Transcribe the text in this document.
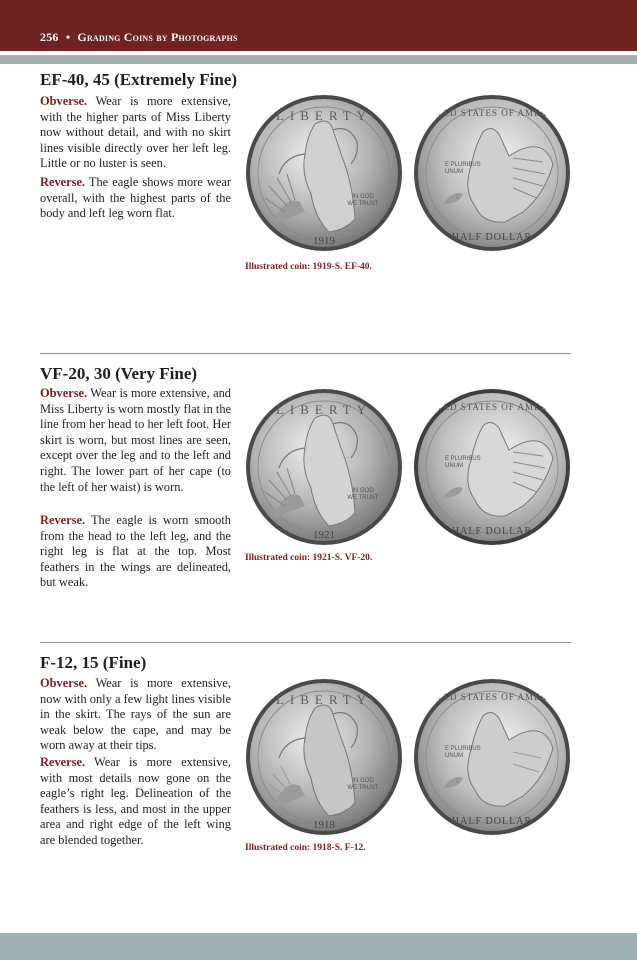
256 • Grading Coins by Photographs
EF-40, 45 (Extremely Fine)

Obverse. Wear is more extensive, with the higher parts of Miss Liberty now without detail, and with no skirt lines visible directly over her left leg. Little or no luster is seen.

Reverse. The eagle shows more wear overall, with the highest parts of the body and left leg worn flat.

LIBERTY
IN GOD
WE TRUST
1919
UNITED STATES OF AMERICA
E PLURIBUS
UNUM
HALF DOLLAR
Illustrated coin: 1919-S. EF-40.
VF-20, 30 (Very Fine)

Obverse. Wear is more extensive, and Miss Liberty is worn mostly flat in the line from her head to her left foot. Her skirt is worn, but most lines are seen, except over the leg and to the left and right. The lower part of her cape (to the left of her waist) is worn.

Reverse. The eagle is worn smooth from the head to the left leg, and the right leg is flat at the top. Most feathers in the wings are delineated, but weak.

LIBERTY
IN GOD
WE TRUST
1921
UNITED STATES OF AMERICA
E PLURIBUS
UNUM
HALF DOLLAR
Illustrated coin: 1921-S. VF-20.
F-12, 15 (Fine)

Obverse. Wear is more extensive, now with only a few light lines visible in the skirt. The rays of the sun are weak below the cape, and may be worn away at their tips.

Reverse. Wear is more extensive, with most details now gone on the eagle’s right leg. Delineation of the feathers is less, and most in the upper area and right edge of the left wing are blended together.

LIBERTY
IN GOD
WE TRUST
1918
UNITED STATES OF AMERICA
E PLURIBUS
UNUM
HALF DOLLAR
Illustrated coin: 1918-S. F-12.
